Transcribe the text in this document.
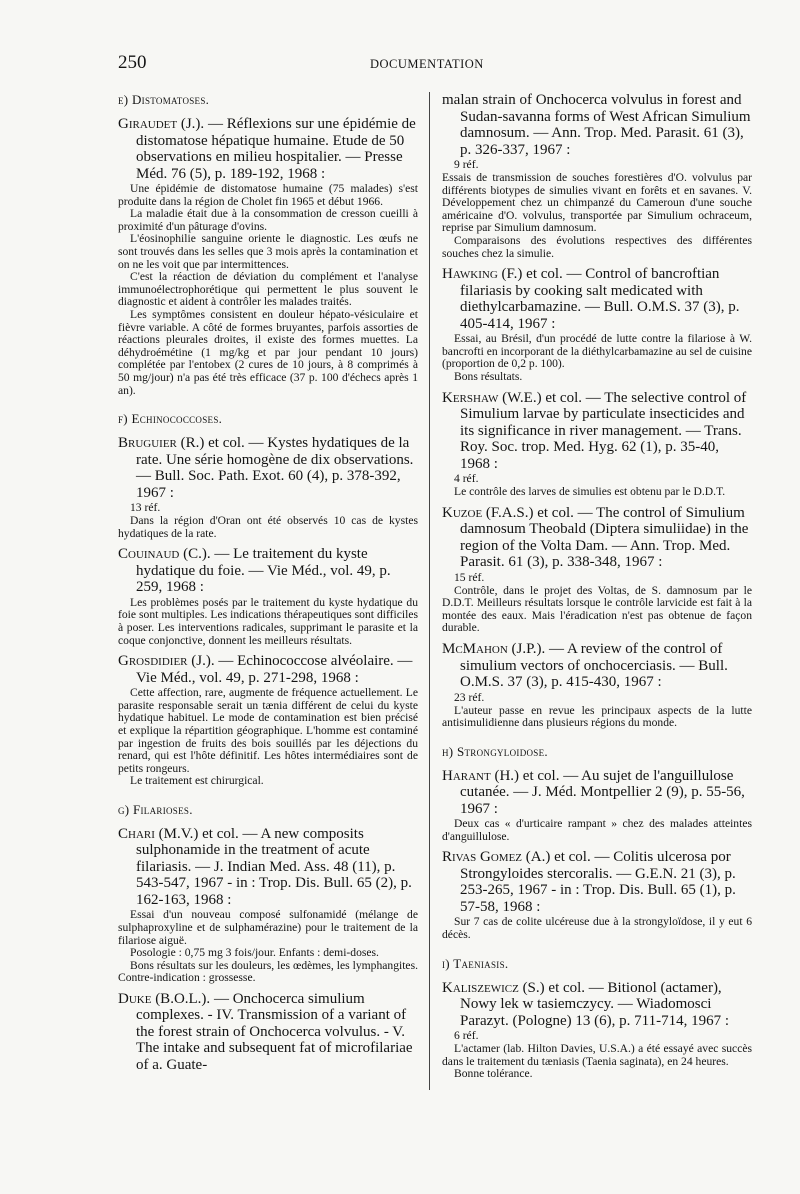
250	DOCUMENTATION
e) Distomatoses.

Giraudet (J.). — Réflexions sur une épidémie de distomatose hépatique humaine. Etude de 50 observations en milieu hospitalier. — Presse Méd. 76 (5), p. 189-192, 1968 :

Une épidémie de distomatose humaine (75 malades) s'est produite dans la région de Cholet fin 1965 et début 1966.

La maladie était due à la consommation de cresson cueilli à proximité d'un pâturage d'ovins.

L'éosinophilie sanguine oriente le diagnostic. Les œufs ne sont trouvés dans les selles que 3 mois après la contamination et on ne les voit que par intermittences.

C'est la réaction de déviation du complément et l'analyse immunoélectrophorétique qui permettent le plus souvent le diagnostic et aident à contrôler les malades traités.

Les symptômes consistent en douleur hépato-vésiculaire et fièvre variable. A côté de formes bruyantes, parfois assorties de réactions pleurales droites, il existe des formes muettes. La déhydroémétine (1 mg/kg et par jour pendant 10 jours) complétée par l'entobex (2 cures de 10 jours, à 8 comprimés à 50 mg/jour) n'a pas été très efficace (37 p. 100 d'échecs après 1 an).

f) Echinococcoses.

Bruguier (R.) et col. — Kystes hydatiques de la rate. Une série homogène de dix observations. — Bull. Soc. Path. Exot. 60 (4), p. 378-392, 1967 :

13 réf.

Dans la région d'Oran ont été observés 10 cas de kystes hydatiques de la rate.

Couinaud (C.). — Le traitement du kyste hydatique du foie. — Vie Méd., vol. 49, p. 259, 1968 :

Les problèmes posés par le traitement du kyste hydatique du foie sont multiples. Les indications thérapeutiques sont difficiles à poser. Les interventions radicales, supprimant le parasite et la coque conjonctive, donnent les meilleurs résultats.

Grosdidier (J.). — Echinococcose alvéolaire. — Vie Méd., vol. 49, p. 271-298, 1968 :

Cette affection, rare, augmente de fréquence actuellement. Le parasite responsable serait un tænia différent de celui du kyste hydatique habituel. Le mode de contamination est bien précisé et explique la répartition géographique. L'homme est contaminé par ingestion de fruits des bois souillés par les déjections du renard, qui est l'hôte définitif. Les hôtes intermédiaires sont de petits rongeurs.

Le traitement est chirurgical.

g) Filarioses.

Chari (M.V.) et col. — A new composits sulphonamide in the treatment of acute filariasis. — J. Indian Med. Ass. 48 (11), p. 543-547, 1967 - in : Trop. Dis. Bull. 65 (2), p. 162-163, 1968 :

Essai d'un nouveau composé sulfonamidé (mélange de sulphaproxyline et de sulphamérazine) pour le traitement de la filariose aiguë.

Posologie : 0,75 mg 3 fois/jour. Enfants : demi-doses.

Bons résultats sur les douleurs, les œdèmes, les lymphangites. Contre-indication : grossesse.

Duke (B.O.L.). — Onchocerca simulium complexes. - IV. Transmission of a variant of the forest strain of Onchocerca volvulus. - V. The intake and subsequent fat of microfilariae of a. Guate-

malan strain of Onchocerca volvulus in forest and Sudan-savanna forms of West African Simulium damnosum. — Ann. Trop. Med. Parasit. 61 (3), p. 326-337, 1967 :

9 réf.

Essais de transmission de souches forestières d'O. volvulus par différents biotypes de simulies vivant en forêts et en savanes. V. Développement chez un chimpanzé du Cameroun d'une souche américaine d'O. volvulus, transportée par Simulium ochraceum, reprise par Simulium damnosum.

Comparaisons des évolutions respectives des différentes souches chez la simulie.

Hawking (F.) et col. — Control of bancroftian filariasis by cooking salt medicated with diethylcarbamazine. — Bull. O.M.S. 37 (3), p. 405-414, 1967 :

Essai, au Brésil, d'un procédé de lutte contre la filariose à W. bancrofti en incorporant de la diéthylcarbamazine au sel de cuisine (proportion de 0,2 p. 100).

Bons résultats.

Kershaw (W.E.) et col. — The selective control of Simulium larvae by particulate insecticides and its significance in river management. — Trans. Roy. Soc. trop. Med. Hyg. 62 (1), p. 35-40, 1968 :

4 réf.

Le contrôle des larves de simulies est obtenu par le D.D.T.

Kuzoe (F.A.S.) et col. — The control of Simulium damnosum Theobald (Diptera simuliidae) in the region of the Volta Dam. — Ann. Trop. Med. Parasit. 61 (3), p. 338-348, 1967 :

15 réf.

Contrôle, dans le projet des Voltas, de S. damnosum par le D.D.T. Meilleurs résultats lorsque le contrôle larvicide est fait à la montée des eaux. Mais l'éradication n'est pas obtenue de façon durable.

McMahon (J.P.). — A review of the control of simulium vectors of onchocerciasis. — Bull. O.M.S. 37 (3), p. 415-430, 1967 :

23 réf.

L'auteur passe en revue les principaux aspects de la lutte antisimulidienne dans plusieurs régions du monde.

h) Strongyloidose.

Harant (H.) et col. — Au sujet de l'anguillulose cutanée. — J. Méd. Montpellier 2 (9), p. 55-56, 1967 :

Deux cas « d'urticaire rampant » chez des malades atteintes d'anguillulose.

Rivas Gomez (A.) et col. — Colitis ulcerosa por Strongyloides stercoralis. — G.E.N. 21 (3), p. 253-265, 1967 - in : Trop. Dis. Bull. 65 (1), p. 57-58, 1968 :

Sur 7 cas de colite ulcéreuse due à la strongyloïdose, il y eut 6 décès.

i) Taeniasis.

Kaliszewicz (S.) et col. — Bitionol (actamer), Nowy lek w tasiemczycy. — Wiadomosci Parazyt. (Pologne) 13 (6), p. 711-714, 1967 :

6 réf.

L'actamer (lab. Hilton Davies, U.S.A.) a été essayé avec succès dans le traitement du tæniasis (Taenia saginata), en 24 heures.

Bonne tolérance.
